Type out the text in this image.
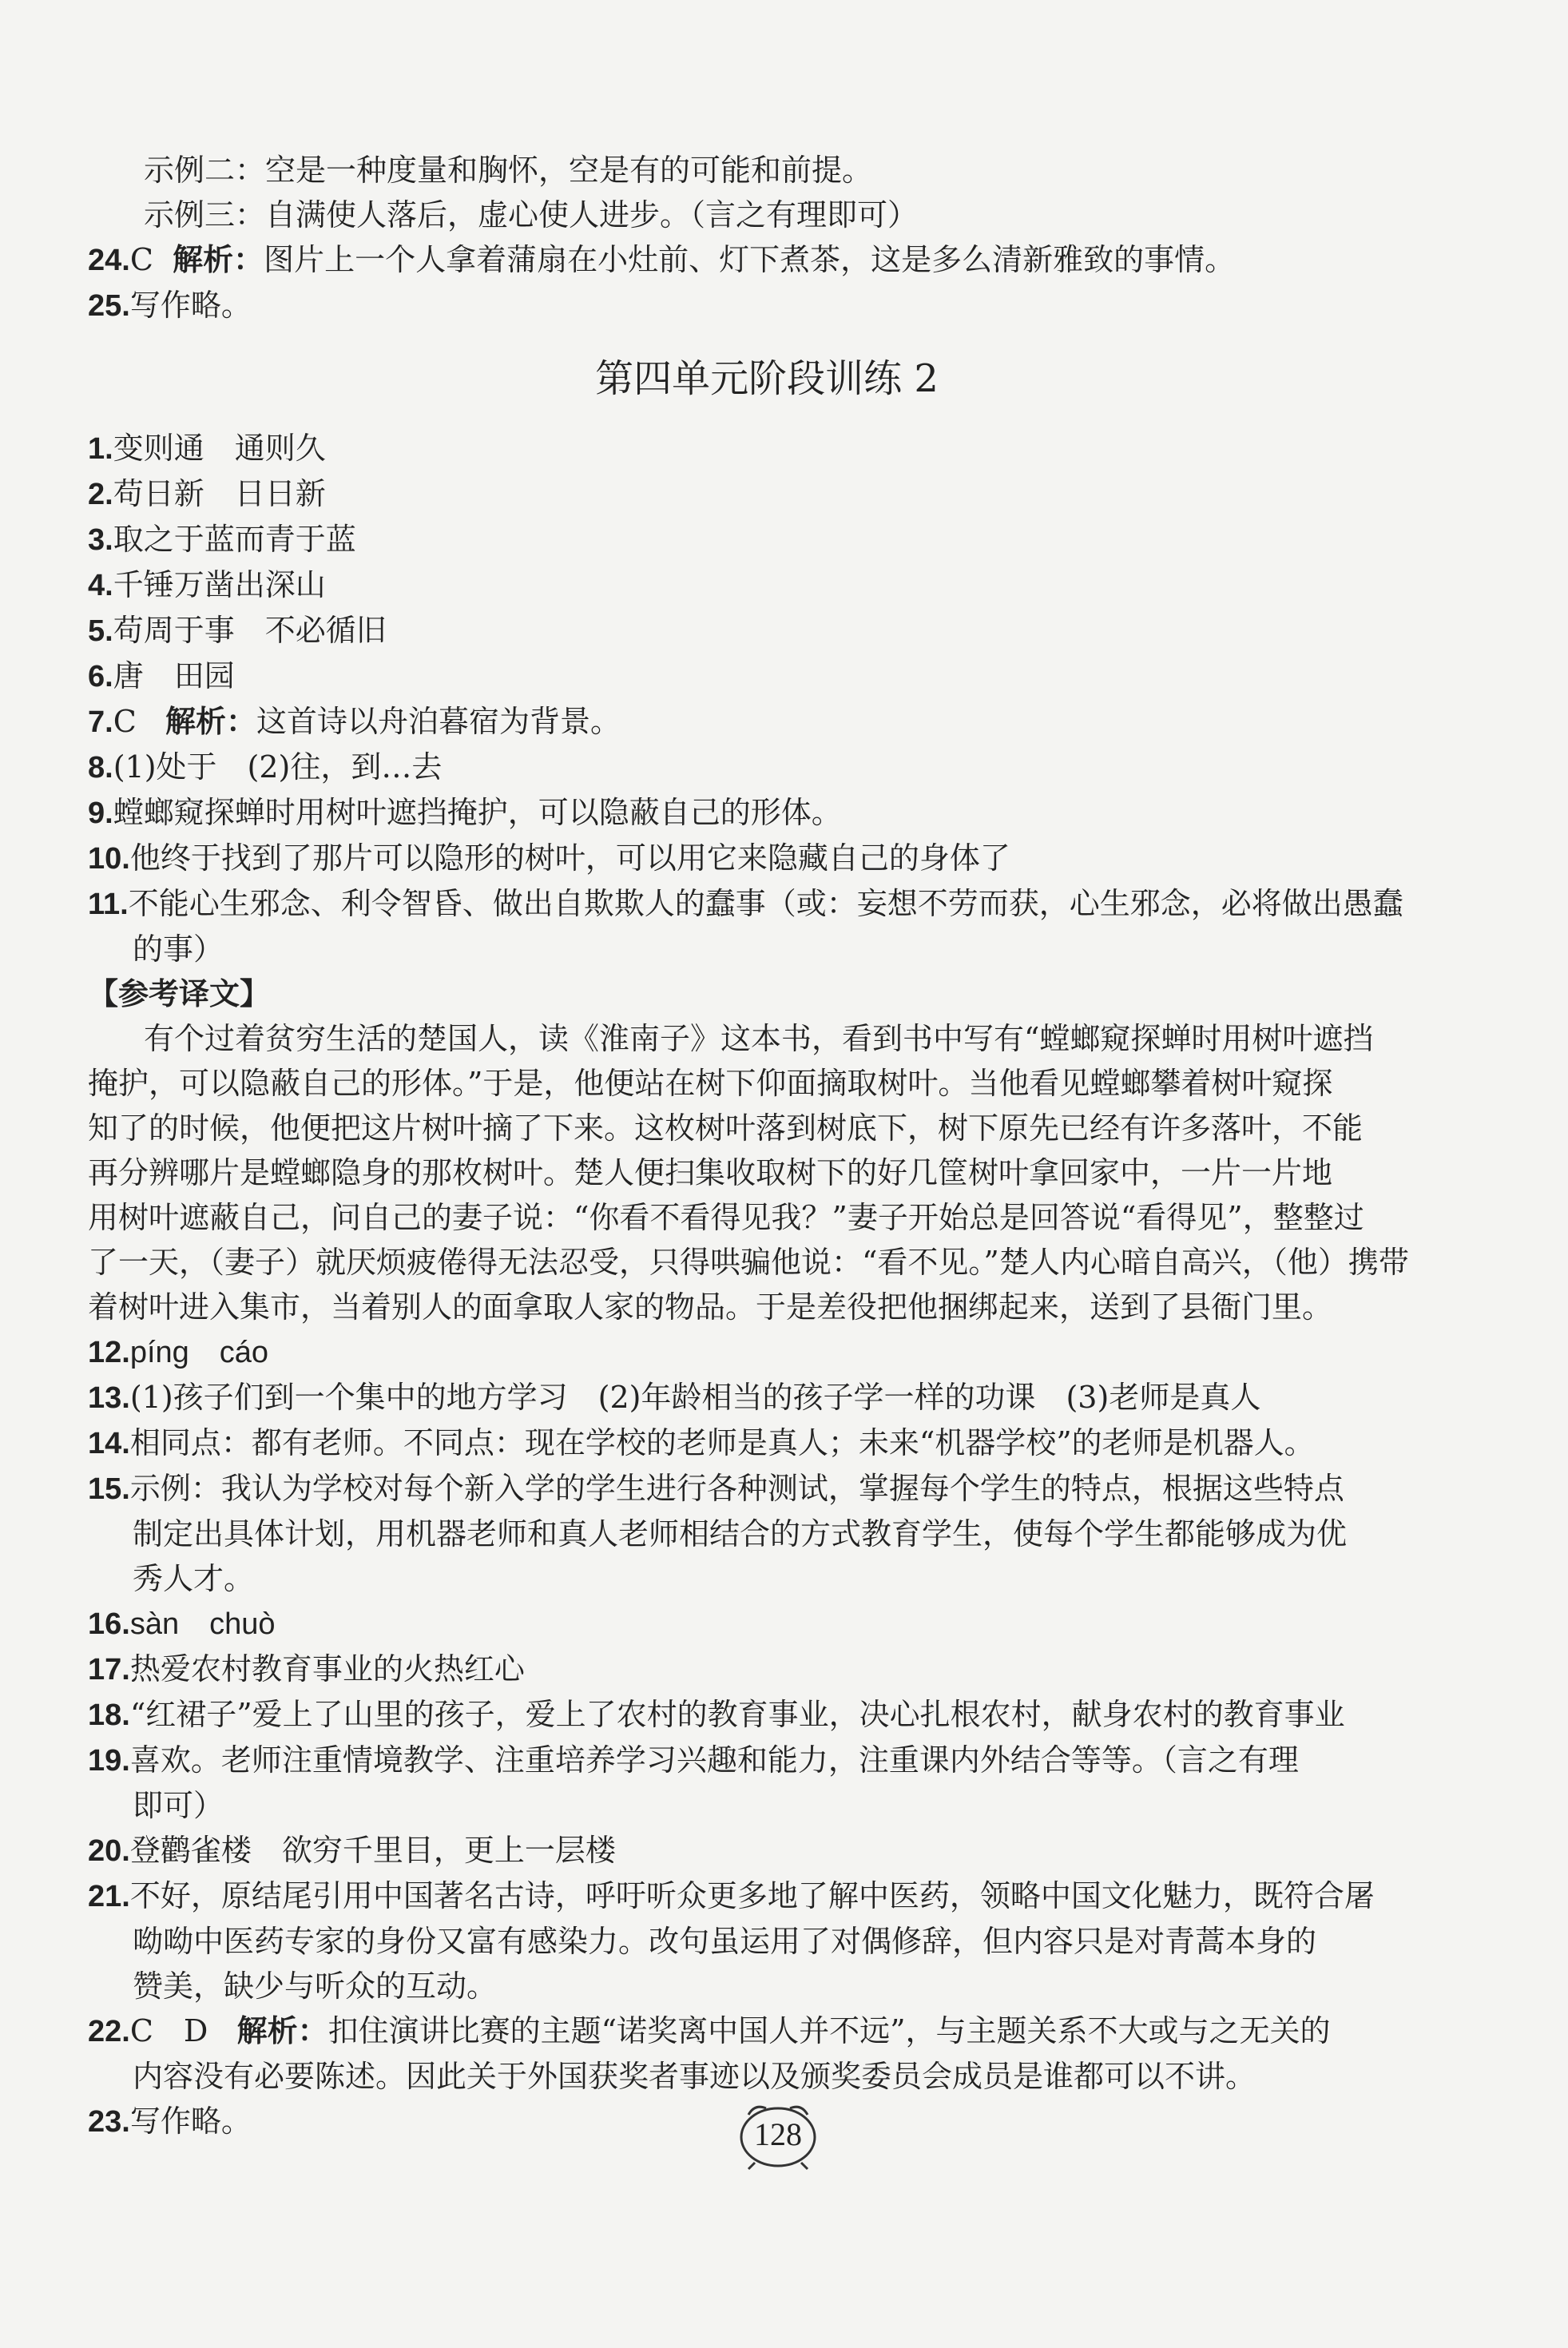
示例二：空是一种度量和胸怀，空是有的可能和前提。
示例三：自满使人落后，虚心使人进步。（言之有理即可）
24.C 解析：图片上一个人拿着蒲扇在小灶前、灯下煮茶，这是多么清新雅致的事情。
25.写作略。
第四单元阶段训练 2
1.变则通　通则久
2.苟日新　日日新
3.取之于蓝而青于蓝
4.千锤万凿出深山
5.苟周于事　不必循旧
6.唐　田园
7.C 解析：这首诗以舟泊暮宿为背景。
8.(1)处于　(2)往，到…去
9.螳螂窥探蝉时用树叶遮挡掩护，可以隐蔽自己的形体。
10.他终于找到了那片可以隐形的树叶，可以用它来隐藏自己的身体了
11.不能心生邪念、利令智昏、做出自欺欺人的蠢事（或：妄想不劳而获，心生邪念，必将做出愚蠢
的事）
【参考译文】
有个过着贫穷生活的楚国人，读《淮南子》这本书，看到书中写有“螳螂窥探蝉时用树叶遮挡
掩护，可以隐蔽自己的形体。”于是，他便站在树下仰面摘取树叶。当他看见螳螂攀着树叶窥探
知了的时候，他便把这片树叶摘了下来。这枚树叶落到树底下，树下原先已经有许多落叶，不能
再分辨哪片是螳螂隐身的那枚树叶。楚人便扫集收取树下的好几筐树叶拿回家中，一片一片地
用树叶遮蔽自己，问自己的妻子说：“你看不看得见我？”妻子开始总是回答说“看得见”，整整过
了一天，（妻子）就厌烦疲倦得无法忍受，只得哄骗他说：“看不见。”楚人内心暗自高兴，（他）携带
着树叶进入集市，当着别人的面拿取人家的物品。于是差役把他捆绑起来，送到了县衙门里。
12.píng　cáo
13.(1)孩子们到一个集中的地方学习　(2)年龄相当的孩子学一样的功课　(3)老师是真人
14.相同点：都有老师。不同点：现在学校的老师是真人；未来“机器学校”的老师是机器人。
15.示例：我认为学校对每个新入学的学生进行各种测试，掌握每个学生的特点，根据这些特点
制定出具体计划，用机器老师和真人老师相结合的方式教育学生，使每个学生都能够成为优
秀人才。
16.sàn　chuò
17.热爱农村教育事业的火热红心
18.“红裙子”爱上了山里的孩子，爱上了农村的教育事业，决心扎根农村，献身农村的教育事业
19.喜欢。老师注重情境教学、注重培养学习兴趣和能力，注重课内外结合等等。（言之有理
即可）
20.登鹳雀楼　欲穷千里目，更上一层楼
21.不好，原结尾引用中国著名古诗，呼吁听众更多地了解中医药，领略中国文化魅力，既符合屠
呦呦中医药专家的身份又富有感染力。改句虽运用了对偶修辞，但内容只是对青蒿本身的
赞美，缺少与听众的互动。
22.C　D 解析：扣住演讲比赛的主题“诺奖离中国人并不远”，与主题关系不大或与之无关的
内容没有必要陈述。因此关于外国获奖者事迹以及颁奖委员会成员是谁都可以不讲。
23.写作略。	128
